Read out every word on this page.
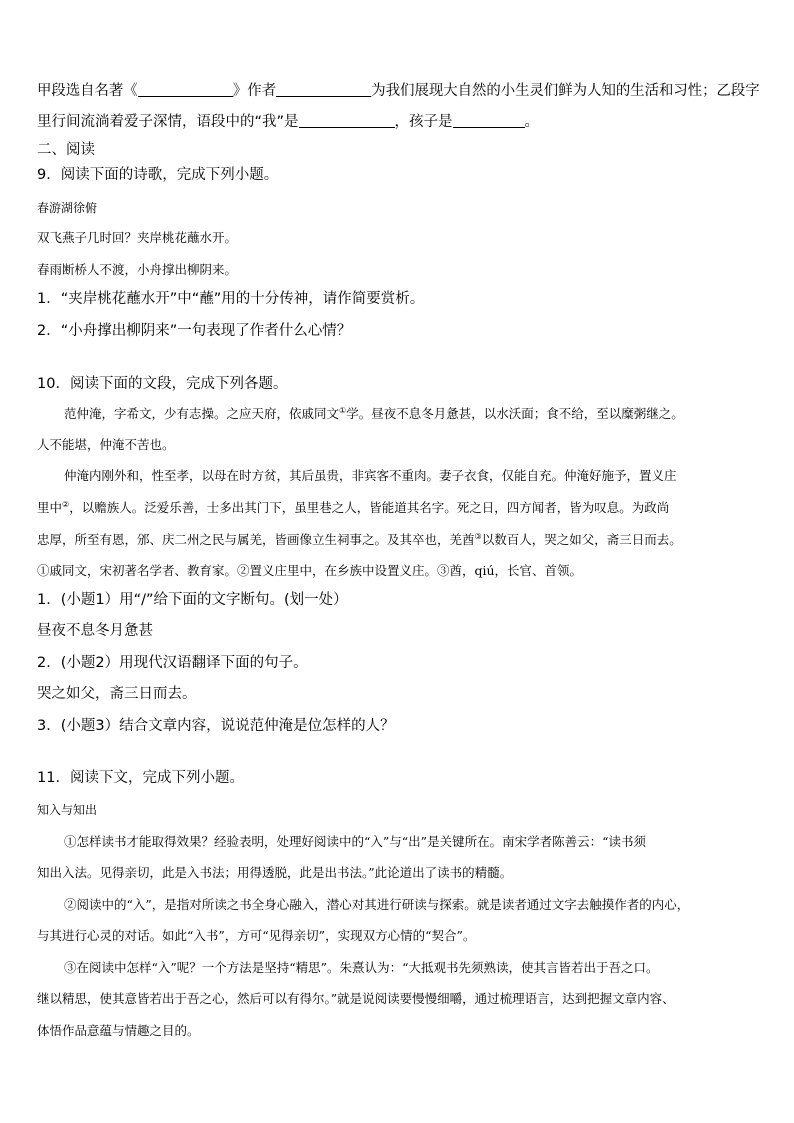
甲段选自名著《	》作者	为我们展现大自然的小生灵们鲜为人知的生活和习性；乙段字
里行间流淌着爱子深情，语段中的“我”是	，孩子是	。
二、阅读
9．阅读下面的诗歌，完成下列小题。
春游湖徐俯
双飞燕子几时回？夹岸桃花蘸水开。
春雨断桥人不渡，小舟撑出柳阴来。
1．“夹岸桃花蘸水开”中“蘸”用的十分传神，请作简要赏析。
2．“小舟撑出柳阴来”一句表现了作者什么心情？
10．阅读下面的文段，完成下列各题。
范仲淹，字希文，少有志操。之应天府，依戚同文①学。昼夜不息冬月惫甚，以水沃面；食不给，至以糜粥继之。
人不能堪，仲淹不苦也。
仲淹内刚外和，性至孝，以母在时方贫，其后虽贵，非宾客不重肉。妻子衣食，仅能自充。仲淹好施予，置义庄
里中②，以赡族人。泛爱乐善，士多出其门下，虽里巷之人，皆能道其名字。死之日，四方闻者，皆为叹息。为政尚
忠厚，所至有恩，邠、庆二州之民与属羌，皆画像立生祠事之。及其卒也，羌酋③以数百人，哭之如父，斋三日而去。
①戚同文，宋初著名学者、教育家。②置义庄里中，在乡族中设置义庄。③酋，qiú，长官、首领。
1．(小题1）用“/”给下面的文字断句。(划一处）
昼夜不息冬月惫甚
2．(小题2）用现代汉语翻译下面的句子。
哭之如父，斋三日而去。
3．(小题3）结合文章内容，说说范仲淹是位怎样的人？
11．阅读下文，完成下列小题。
知入与知出
①怎样读书才能取得效果？经验表明，处理好阅读中的“入”与“出”是关键所在。南宋学者陈善云：“读书须
知出入法。见得亲切，此是入书法；用得透脱，此是出书法。”此论道出了读书的精髓。
②阅读中的“入”，是指对所读之书全身心融入，潜心对其进行研读与探索。就是读者通过文字去触摸作者的内心，
与其进行心灵的对话。如此“入书”，方可“见得亲切”，实现双方心情的“契合”。
③在阅读中怎样“入”呢？一个方法是坚持“精思”。朱熹认为：“大抵观书先须熟读，使其言皆若出于吾之口。
继以精思，使其意皆若出于吾之心，然后可以有得尔。”就是说阅读要慢慢细嚼，通过梳理语言，达到把握文章内容、
体悟作品意蕴与情趣之目的。
